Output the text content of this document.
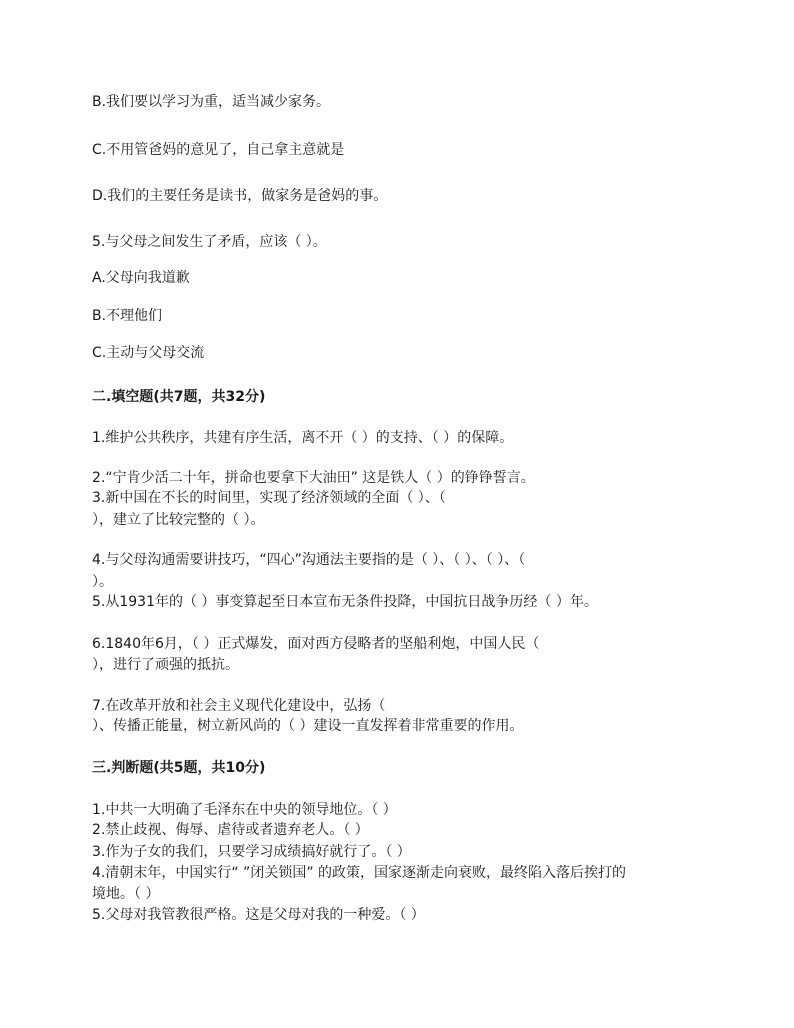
B.我们要以学习为重，适当减少家务。
C.不用管爸妈的意见了，自己拿主意就是
D.我们的主要任务是读书，做家务是爸妈的事。
5.与父母之间发生了矛盾，应该（ ）。
A.父母向我道歉
B.不理他们
C.主动与父母交流
二.填空题(共7题，共32分)
1.维护公共秩序，共建有序生活，离不开（ ）的支持、（ ）的保障。
2.“宁肯少活二十年，拼命也要拿下大油田” 这是铁人（ ）的铮铮誓言。
3.新中国在不长的时间里，实现了经济领域的全面（ ）、（
），建立了比较完整的（ ）。
4.与父母沟通需要讲技巧，“四心”沟通法主要指的是（ ）、（ ）、（ ）、（
）。
5.从1931年的（ ）事变算起至日本宣布无条件投降，中国抗日战争历经（ ）年。
6.1840年6月，（ ）正式爆发，面对西方侵略者的坚船利炮，中国人民（
），进行了顽强的抵抗。
7.在改革开放和社会主义现代化建设中，弘扬（
）、传播正能量，树立新风尚的（ ）建设一直发挥着非常重要的作用。
三.判断题(共5题，共10分)
1.中共一大明确了毛泽东在中央的领导地位。（ ）
2.禁止歧视、侮辱、虐待或者遗弃老人。（ ）
3.作为子女的我们，只要学习成绩搞好就行了。（ ）
4.清朝末年，中国实行“ ”闭关锁国” 的政策，国家逐渐走向衰败，最终陷入落后挨打的
境地。（ ）
5.父母对我管教很严格。这是父母对我的一种爱。（ ）
